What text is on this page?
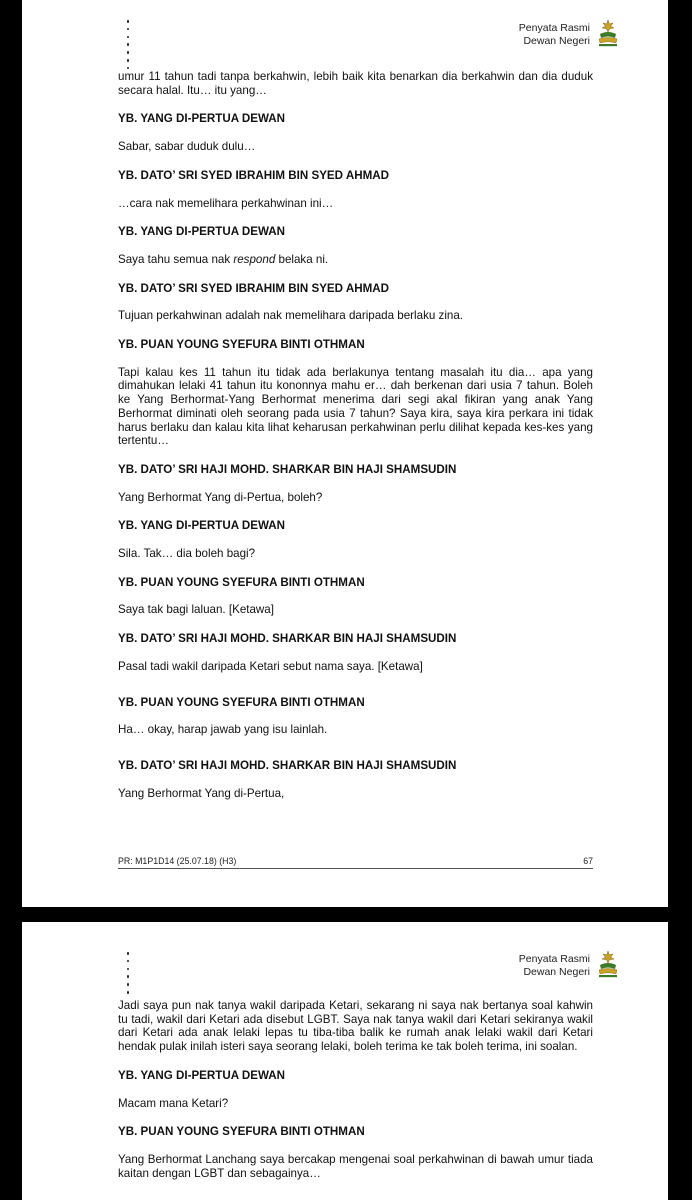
Penyata Rasmi
Dewan Negeri
umur 11 tahun tadi tanpa berkahwin, lebih baik kita benarkan dia berkahwin dan dia duduk secara halal. Itu… itu yang…
YB. YANG DI-PERTUA DEWAN
Sabar, sabar duduk dulu…
YB. DATO’ SRI SYED IBRAHIM BIN SYED AHMAD
…cara nak memelihara perkahwinan ini…
YB. YANG DI-PERTUA DEWAN
Saya tahu semua nak respond belaka ni.
YB. DATO’ SRI SYED IBRAHIM BIN SYED AHMAD
Tujuan perkahwinan adalah nak memelihara daripada berlaku zina.
YB. PUAN YOUNG SYEFURA BINTI OTHMAN
Tapi kalau kes 11 tahun itu tidak ada berlakunya tentang masalah itu dia… apa yang dimahukan lelaki 41 tahun itu kononnya mahu er… dah berkenan dari usia 7 tahun. Boleh ke Yang Berhormat-Yang Berhormat menerima dari segi akal fikiran yang anak Yang Berhormat diminati oleh seorang pada usia 7 tahun? Saya kira, saya kira perkara ini tidak harus berlaku dan kalau kita lihat keharusan perkahwinan perlu dilihat kepada kes-kes yang tertentu…
YB. DATO’ SRI HAJI MOHD. SHARKAR BIN HAJI SHAMSUDIN
Yang Berhormat Yang di-Pertua, boleh?
YB. YANG DI-PERTUA DEWAN
Sila. Tak… dia boleh bagi?
YB. PUAN YOUNG SYEFURA BINTI OTHMAN
Saya tak bagi laluan. [Ketawa]
YB. DATO’ SRI HAJI MOHD. SHARKAR BIN HAJI SHAMSUDIN
Pasal tadi wakil daripada Ketari sebut nama saya. [Ketawa]
YB. PUAN YOUNG SYEFURA BINTI OTHMAN
Ha… okay, harap jawab yang isu lainlah.
YB. DATO’ SRI HAJI MOHD. SHARKAR BIN HAJI SHAMSUDIN
Yang Berhormat Yang di-Pertua,
PR: M1P1D14 (25.07.18) (H3)	67
Penyata Rasmi
Dewan Negeri
Jadi saya pun nak tanya wakil daripada Ketari, sekarang ni saya nak bertanya soal kahwin tu tadi, wakil dari Ketari ada disebut LGBT. Saya nak tanya wakil dari Ketari sekiranya wakil dari Ketari ada anak lelaki lepas tu tiba-tiba balik ke rumah anak lelaki wakil dari Ketari hendak pulak inilah isteri saya seorang lelaki, boleh terima ke tak boleh terima, ini soalan.
YB. YANG DI-PERTUA DEWAN
Macam mana Ketari?
YB. PUAN YOUNG SYEFURA BINTI OTHMAN
Yang Berhormat Lanchang saya bercakap mengenai soal perkahwinan di bawah umur tiada kaitan dengan LGBT dan sebagainya…
